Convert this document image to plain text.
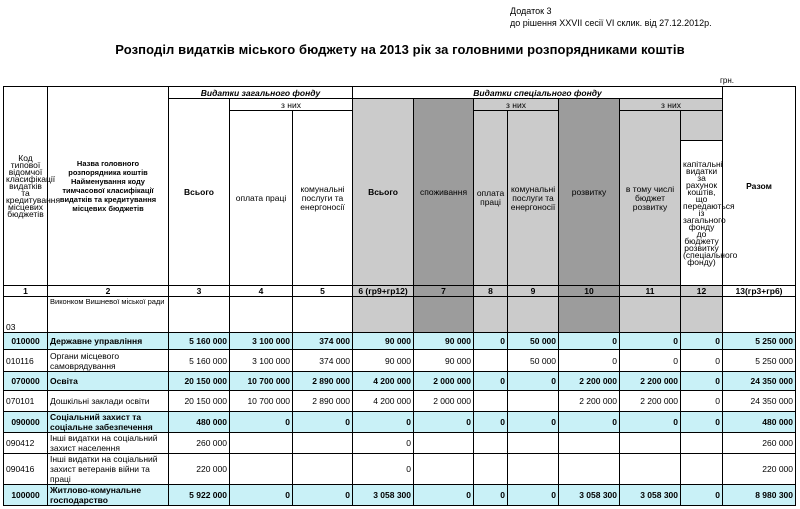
Додаток 3
до рішення XXVII сесії VI склик. від 27.12.2012р.
Розподіл видатків міського бюджету на 2013 рік за головними розпорядниками коштів
грн.
Код типової відомчої класифікації видатків та кредитування місцевих бюджетів	Назва головного розпорядника коштів Найменування коду тимчасової класифікації видатків та кредитування місцевих бюджетів	Видатки загального фонду			Видатки спеціального фонду							Разом
		Всього	з них		Всього	споживання	з них		розвитку	з них		
			оплата праці	комунальні послуги та енергоносії			оплата праці	комунальні послуги та енергоносії		в тому числі бюджет розвитку		
											капітальні видатки за рахунок коштів, що передаються із загального фонду до бюджету розвитку (спеціального фонду)	
1	2	3	4	5	6 (гр9+гр12)	7	8	9	10	11	12	13(гр3+гр6)
03	Виконком Вишневої міської ради											
010000	Державне управління	5 160 000	3 100 000	374 000	90 000	90 000	0	50 000	0	0	0	5 250 000
010116	Органи місцевого самоврядування	5 160 000	3 100 000	374 000	90 000	90 000		50 000	0	0	0	5 250 000
070000	Освіта	20 150 000	10 700 000	2 890 000	4 200 000	2 000 000	0	0	2 200 000	2 200 000	0	24 350 000
070101	Дошкільні заклади освіти	20 150 000	10 700 000	2 890 000	4 200 000	2 000 000			2 200 000	2 200 000	0	24 350 000
090000	Соціальний захист та соціальне забезпечення	480 000	0	0	0	0	0	0	0	0	0	480 000
090412	Інші видатки на соціальний захист населення	260 000			0							260 000
090416	Інші видатки на соціальний захист ветеранів війни та праці	220 000			0							220 000
100000	Житлово-комунальне господарство	5 922 000	0	0	3 058 300	0	0	0	3 058 300	3 058 300	0	8 980 300
